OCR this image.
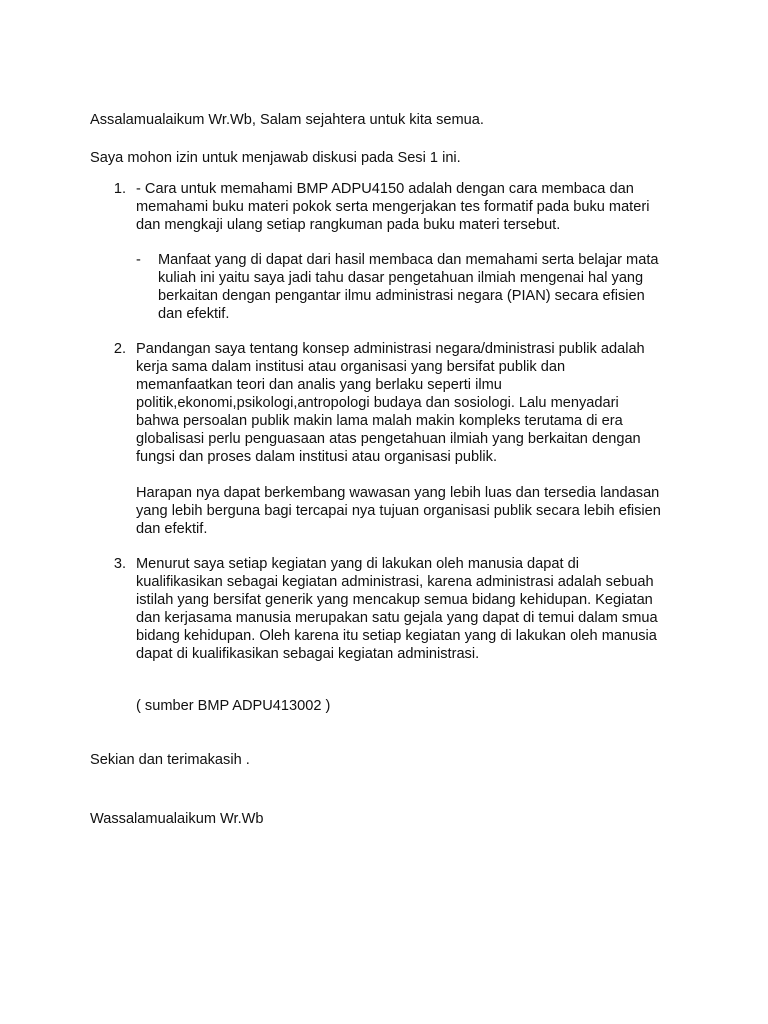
Assalamualaikum Wr.Wb, Salam sejahtera untuk kita semua.

Saya mohon izin untuk menjawab diskusi pada Sesi 1 ini.

1. - Cara untuk memahami BMP ADPU4150 adalah dengan cara membaca dan
memahami buku materi pokok serta mengerjakan tes formatif pada buku materi
dan mengkaji ulang setiap rangkuman pada buku materi tersebut.
- Manfaat yang di dapat dari hasil membaca dan memahami serta belajar mata
kuliah ini yaitu saya jadi tahu dasar pengetahuan ilmiah mengenai hal yang
berkaitan dengan pengantar ilmu administrasi negara (PIAN) secara efisien
dan efektif.
2. Pandangan saya tentang konsep administrasi negara/dministrasi publik adalah
kerja sama dalam institusi atau organisasi yang bersifat publik dan
memanfaatkan teori dan analis yang berlaku seperti ilmu
politik,ekonomi,psikologi,antropologi budaya dan sosiologi. Lalu menyadari
bahwa persoalan publik makin lama malah makin kompleks terutama di era
globalisasi perlu penguasaan atas pengetahuan ilmiah yang berkaitan dengan
fungsi dan proses dalam institusi atau organisasi publik.
Harapan nya dapat berkembang wawasan yang lebih luas dan tersedia landasan
yang lebih berguna bagi tercapai nya tujuan organisasi publik secara lebih efisien
dan efektif.
3. Menurut saya setiap kegiatan yang di lakukan oleh manusia dapat di
kualifikasikan sebagai kegiatan administrasi, karena administrasi adalah sebuah
istilah yang bersifat generik yang mencakup semua bidang kehidupan. Kegiatan
dan kerjasama manusia merupakan satu gejala yang dapat di temui dalam smua
bidang kehidupan. Oleh karena itu setiap kegiatan yang di lakukan oleh manusia
dapat di kualifikasikan sebagai kegiatan administrasi.

( sumber BMP ADPU413002 )

Sekian dan terimakasih .

Wassalamualaikum Wr.Wb
